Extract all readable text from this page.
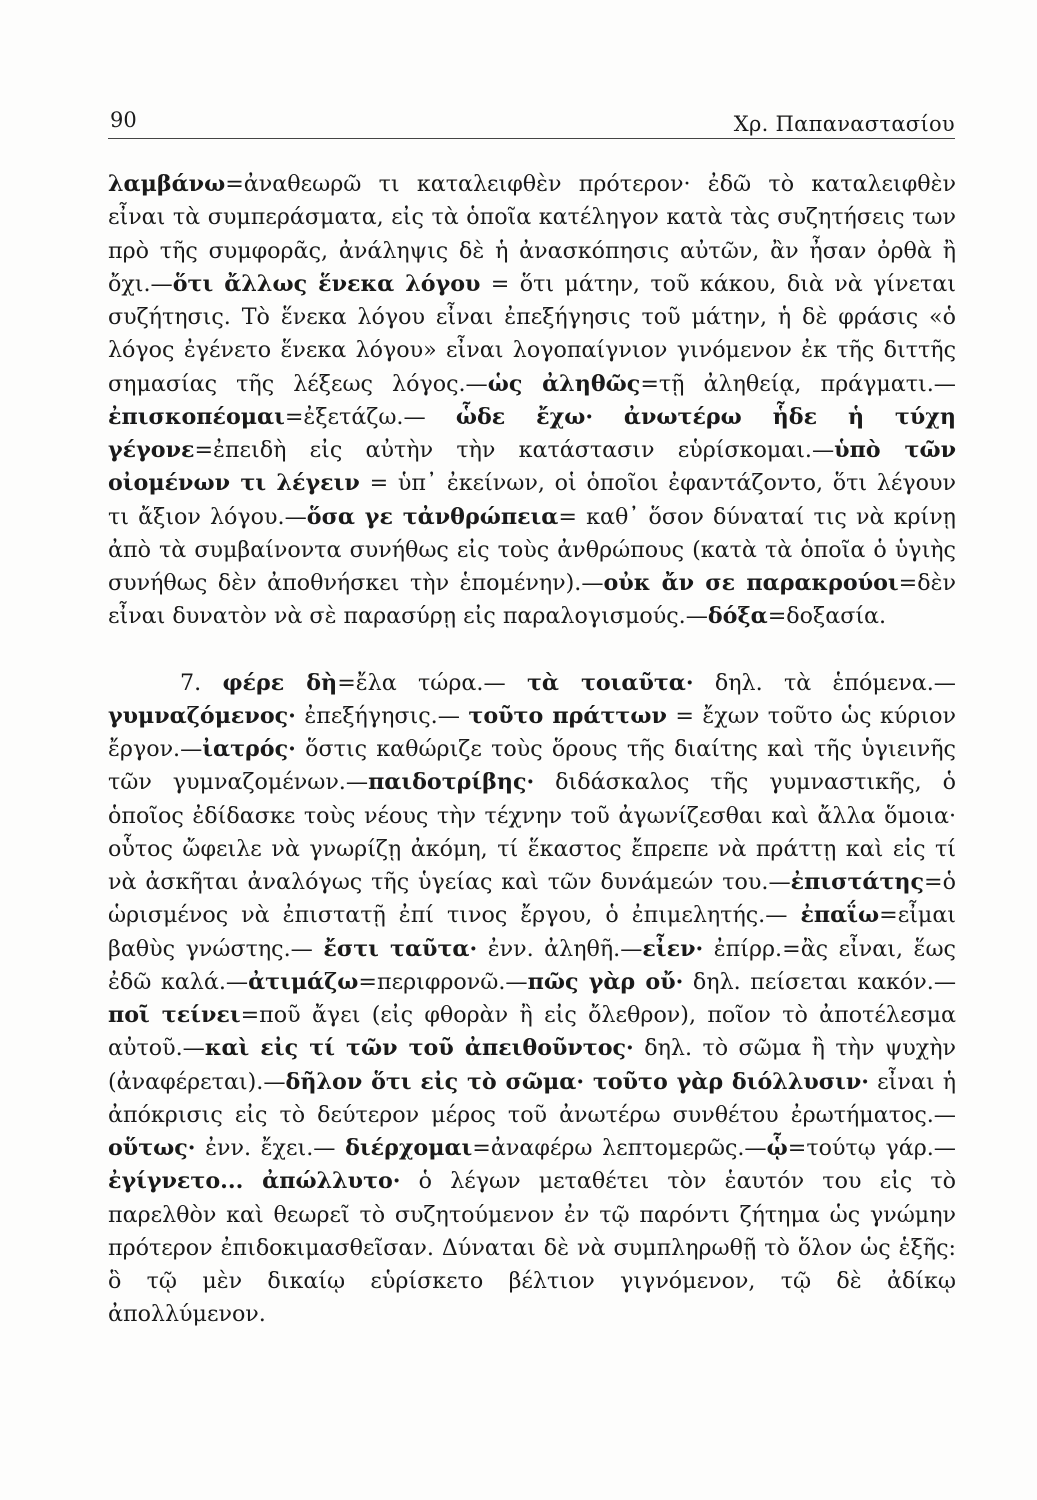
90	Χρ. Παπαναστασίου

λαμβάνω=ἀναθεωρῶ τι καταλειφθὲν πρότερον· ἐδῶ τὸ καταλειφθὲν εἶναι τὰ συμπεράσματα, εἰς τὰ ὁποῖα κατέληγον κατὰ τὰς συζητήσεις των πρὸ τῆς συμφορᾶς, ἀνάληψις δὲ ἡ ἀνασκόπησις αὐτῶν, ἂν ἦσαν ὀρθὰ ἢ ὄχι.—ὅτι ἄλλως ἕνεκα λόγου = ὅτι μάτην, τοῦ κάκου, διὰ νὰ γίνεται συζήτησις. Τὸ ἕνεκα λόγου εἶναι ἐπεξήγησις τοῦ μάτην, ἡ δὲ φράσις «ὁ λόγος ἐγένετο ἕνεκα λόγου» εἶναι λογοπαίγνιον γινόμενον ἐκ τῆς διττῆς σημασίας τῆς λέξεως λόγος.—ὡς ἀληθῶς=τῇ ἀληθείᾳ, πράγματι.—ἐπισκοπέομαι=ἐξετάζω.— ὧδε ἔχω· ἀνωτέρω ἧδε ἡ τύχη γέγονε=ἐπειδὴ εἰς αὐτὴν τὴν κατάστασιν εὑρίσκομαι.—ὑπὸ τῶν οἰομένων τι λέγειν = ὑπ᾽ ἐκείνων, οἱ ὁποῖοι ἐφαντάζοντο, ὅτι λέγουν τι ἄξιον λόγου.—ὅσα γε τἀνθρώπεια= καθ᾽ ὅσον δύναταί τις νὰ κρίνῃ ἀπὸ τὰ συμβαίνοντα συνήθως εἰς τοὺς ἀνθρώπους (κατὰ τὰ ὁποῖα ὁ ὑγιὴς συνήθως δὲν ἀποθνήσκει τὴν ἑπομένην).—οὐκ ἄν σε παρακρούοι=δὲν εἶναι δυνατὸν νὰ σὲ παρασύρῃ εἰς παραλογισμούς.—δόξα=δοξασία.

7. φέρε δὴ=ἔλα τώρα.— τὰ τοιαῦτα· δηλ. τὰ ἑπόμενα.—γυμναζόμενος· ἐπεξήγησις.— τοῦτο πράττων = ἔχων τοῦτο ὡς κύριον ἔργον.—ἰατρός· ὅστις καθώριζε τοὺς ὅρους τῆς διαίτης καὶ τῆς ὑγιεινῆς τῶν γυμναζομένων.—παιδοτρίβης· διδάσκαλος τῆς γυμναστικῆς, ὁ ὁποῖος ἐδίδασκε τοὺς νέους τὴν τέχνην τοῦ ἀγωνίζεσθαι καὶ ἄλλα ὅμοια· οὗτος ὤφειλε νὰ γνωρίζῃ ἀκόμη, τί ἕκαστος ἔπρεπε νὰ πράττῃ καὶ εἰς τί νὰ ἀσκῆται ἀναλόγως τῆς ὑγείας καὶ τῶν δυνάμεών του.—ἐπιστάτης=ὁ ὡρισμένος νὰ ἐπιστατῇ ἐπί τινος ἔργου, ὁ ἐπιμελητής.— ἐπαΐω=εἶμαι βαθὺς γνώστης.— ἔστι ταῦτα· ἐνν. ἀληθῆ.—εἶεν· ἐπίρρ.=ἂς εἶναι, ἕως ἐδῶ καλά.—ἀτιμάζω=περιφρονῶ.—πῶς γὰρ οὔ· δηλ. πείσεται κακόν.— ποῖ τείνει=ποῦ ἄγει (εἰς φθορὰν ἢ εἰς ὄλεθρον), ποῖον τὸ ἀποτέλεσμα αὐτοῦ.—καὶ εἰς τί τῶν τοῦ ἀπειθοῦντος· δηλ. τὸ σῶμα ἢ τὴν ψυχὴν (ἀναφέρεται).—δῆλον ὅτι εἰς τὸ σῶμα· τοῦτο γὰρ διόλλυσιν· εἶναι ἡ ἀπόκρισις εἰς τὸ δεύτερον μέρος τοῦ ἀνωτέρω συνθέτου ἐρωτήματος.— οὕτως· ἐνν. ἔχει.— διέρχομαι=ἀναφέρω λεπτομερῶς.—ᾧ=τούτῳ γάρ.—ἐγίγνετο... ἀπώλλυτο· ὁ λέγων μεταθέτει τὸν ἑαυτόν του εἰς τὸ παρελθὸν καὶ θεωρεῖ τὸ συζητούμενον ἐν τῷ παρόντι ζήτημα ὡς γνώμην πρότερον ἐπιδοκιμασθεῖσαν. Δύναται δὲ νὰ συμπληρωθῇ τὸ ὅλον ὡς ἑξῆς: ὃ τῷ μὲν δικαίῳ εὑρίσκετο βέλτιον γιγνόμενον, τῷ δὲ ἀδίκῳ ἀπολλύμενον.
